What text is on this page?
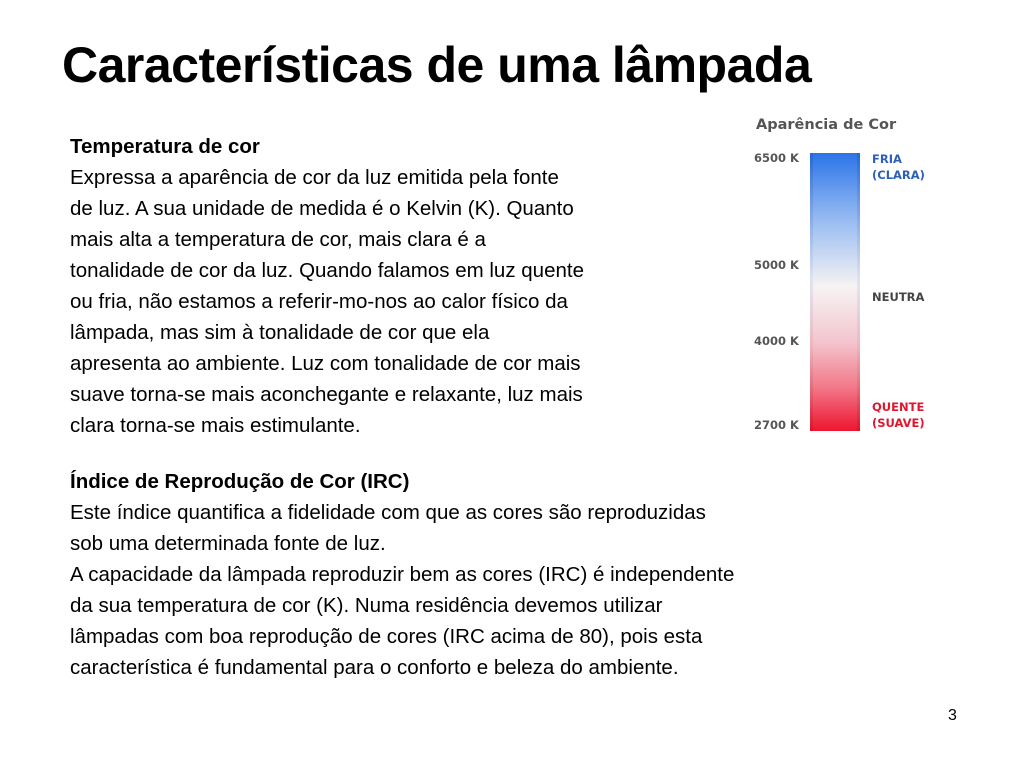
Características de uma lâmpada

Temperatura de cor

Expressa a aparência de cor da luz emitida pela fonte

de luz. A sua unidade de medida é o Kelvin (K). Quanto

mais alta a temperatura de cor, mais clara é a

tonalidade de cor da luz. Quando falamos em luz quente

ou fria, não estamos a referir-mo-nos ao calor físico da

lâmpada, mas sim à tonalidade de cor que ela

apresenta ao ambiente. Luz com tonalidade de cor mais

suave torna-se mais aconchegante e relaxante, luz mais

clara torna-se mais estimulante.

Aparência de Cor
6500 K
5000 K
4000 K
2700 K
FRIA
(CLARA)
NEUTRA
QUENTE
(SUAVE)

Índice de Reprodução de Cor (IRC)

Este índice quantifica a fidelidade com que as cores são reproduzidas

sob uma determinada fonte de luz.

A capacidade da lâmpada reproduzir bem as cores (IRC) é independente

da sua temperatura de cor (K). Numa residência devemos utilizar

lâmpadas com boa reprodução de cores (IRC acima de 80), pois esta

característica é fundamental para o conforto e beleza do ambiente.

3
